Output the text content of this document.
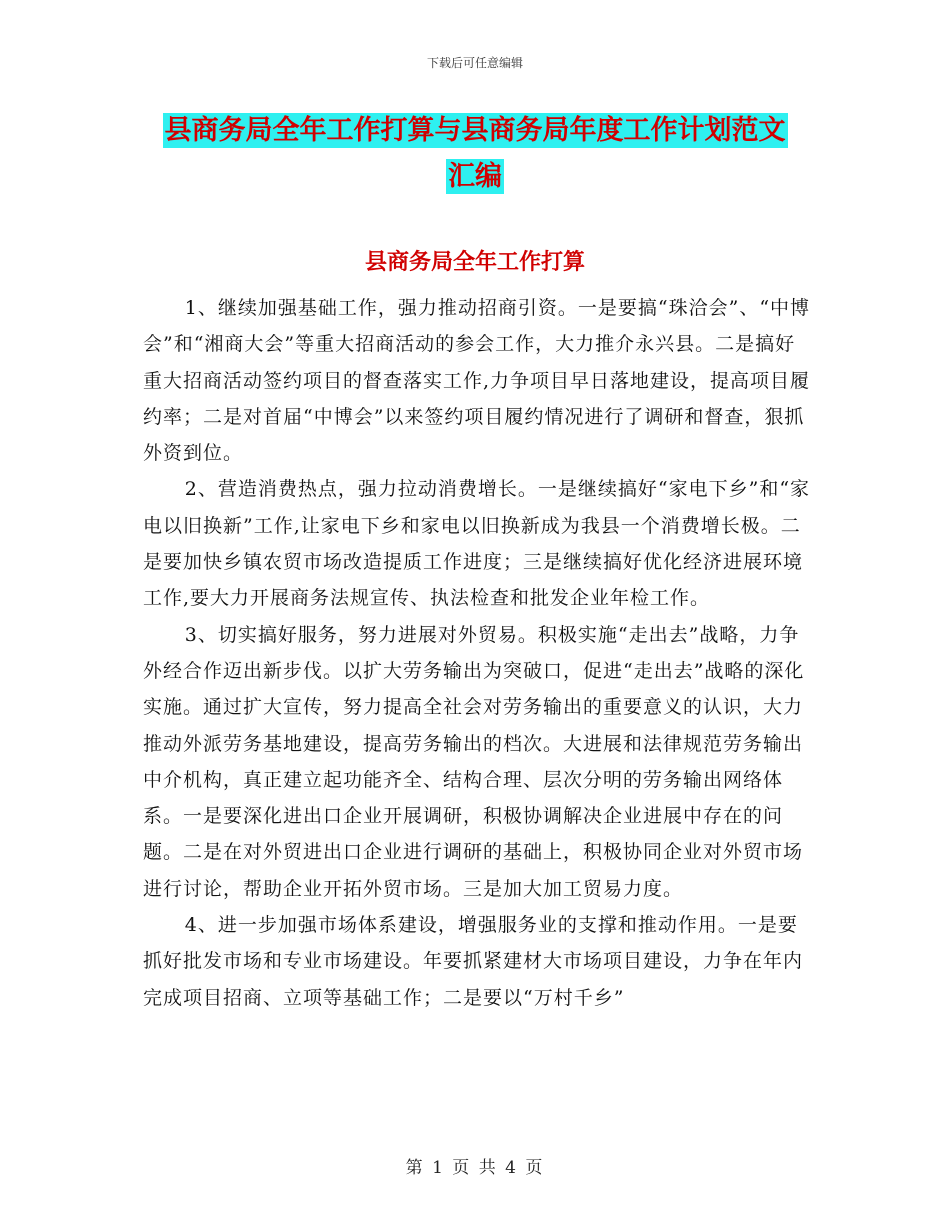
下载后可任意编辑
县商务局全年工作打算与县商务局年度工作计划范文
汇编
县商务局全年工作打算

1、继续加强基础工作，强力推动招商引资。一是要搞“珠洽会”、“中博会”和“湘商大会”等重大招商活动的参会工作，大力推介永兴县。二是搞好重大招商活动签约项目的督查落实工作,力争项目早日落地建设，提高项目履约率；二是对首届“中博会”以来签约项目履约情况进行了调研和督查，狠抓外资到位。

2、营造消费热点，强力拉动消费增长。一是继续搞好“家电下乡”和“家电以旧换新”工作,让家电下乡和家电以旧换新成为我县一个消费增长极。二是要加快乡镇农贸市场改造提质工作进度；三是继续搞好优化经济进展环境工作,要大力开展商务法规宣传、执法检查和批发企业年检工作。

3、切实搞好服务，努力进展对外贸易。积极实施“走出去”战略，力争外经合作迈出新步伐。以扩大劳务输出为突破口，促进“走出去”战略的深化实施。通过扩大宣传，努力提高全社会对劳务输出的重要意义的认识，大力推动外派劳务基地建设，提高劳务输出的档次。大进展和法律规范劳务输出中介机构，真正建立起功能齐全、结构合理、层次分明的劳务输出网络体系。一是要深化进出口企业开展调研，积极协调解决企业进展中存在的问题。二是在对外贸进出口企业进行调研的基础上，积极协同企业对外贸市场进行讨论，帮助企业开拓外贸市场。三是加大加工贸易力度。

4、进一步加强市场体系建设，增强服务业的支撑和推动作用。一是要抓好批发市场和专业市场建设。年要抓紧建材大市场项目建设，力争在年内完成项目招商、立项等基础工作；二是要以“万村千乡”

第 1 页 共 4 页
